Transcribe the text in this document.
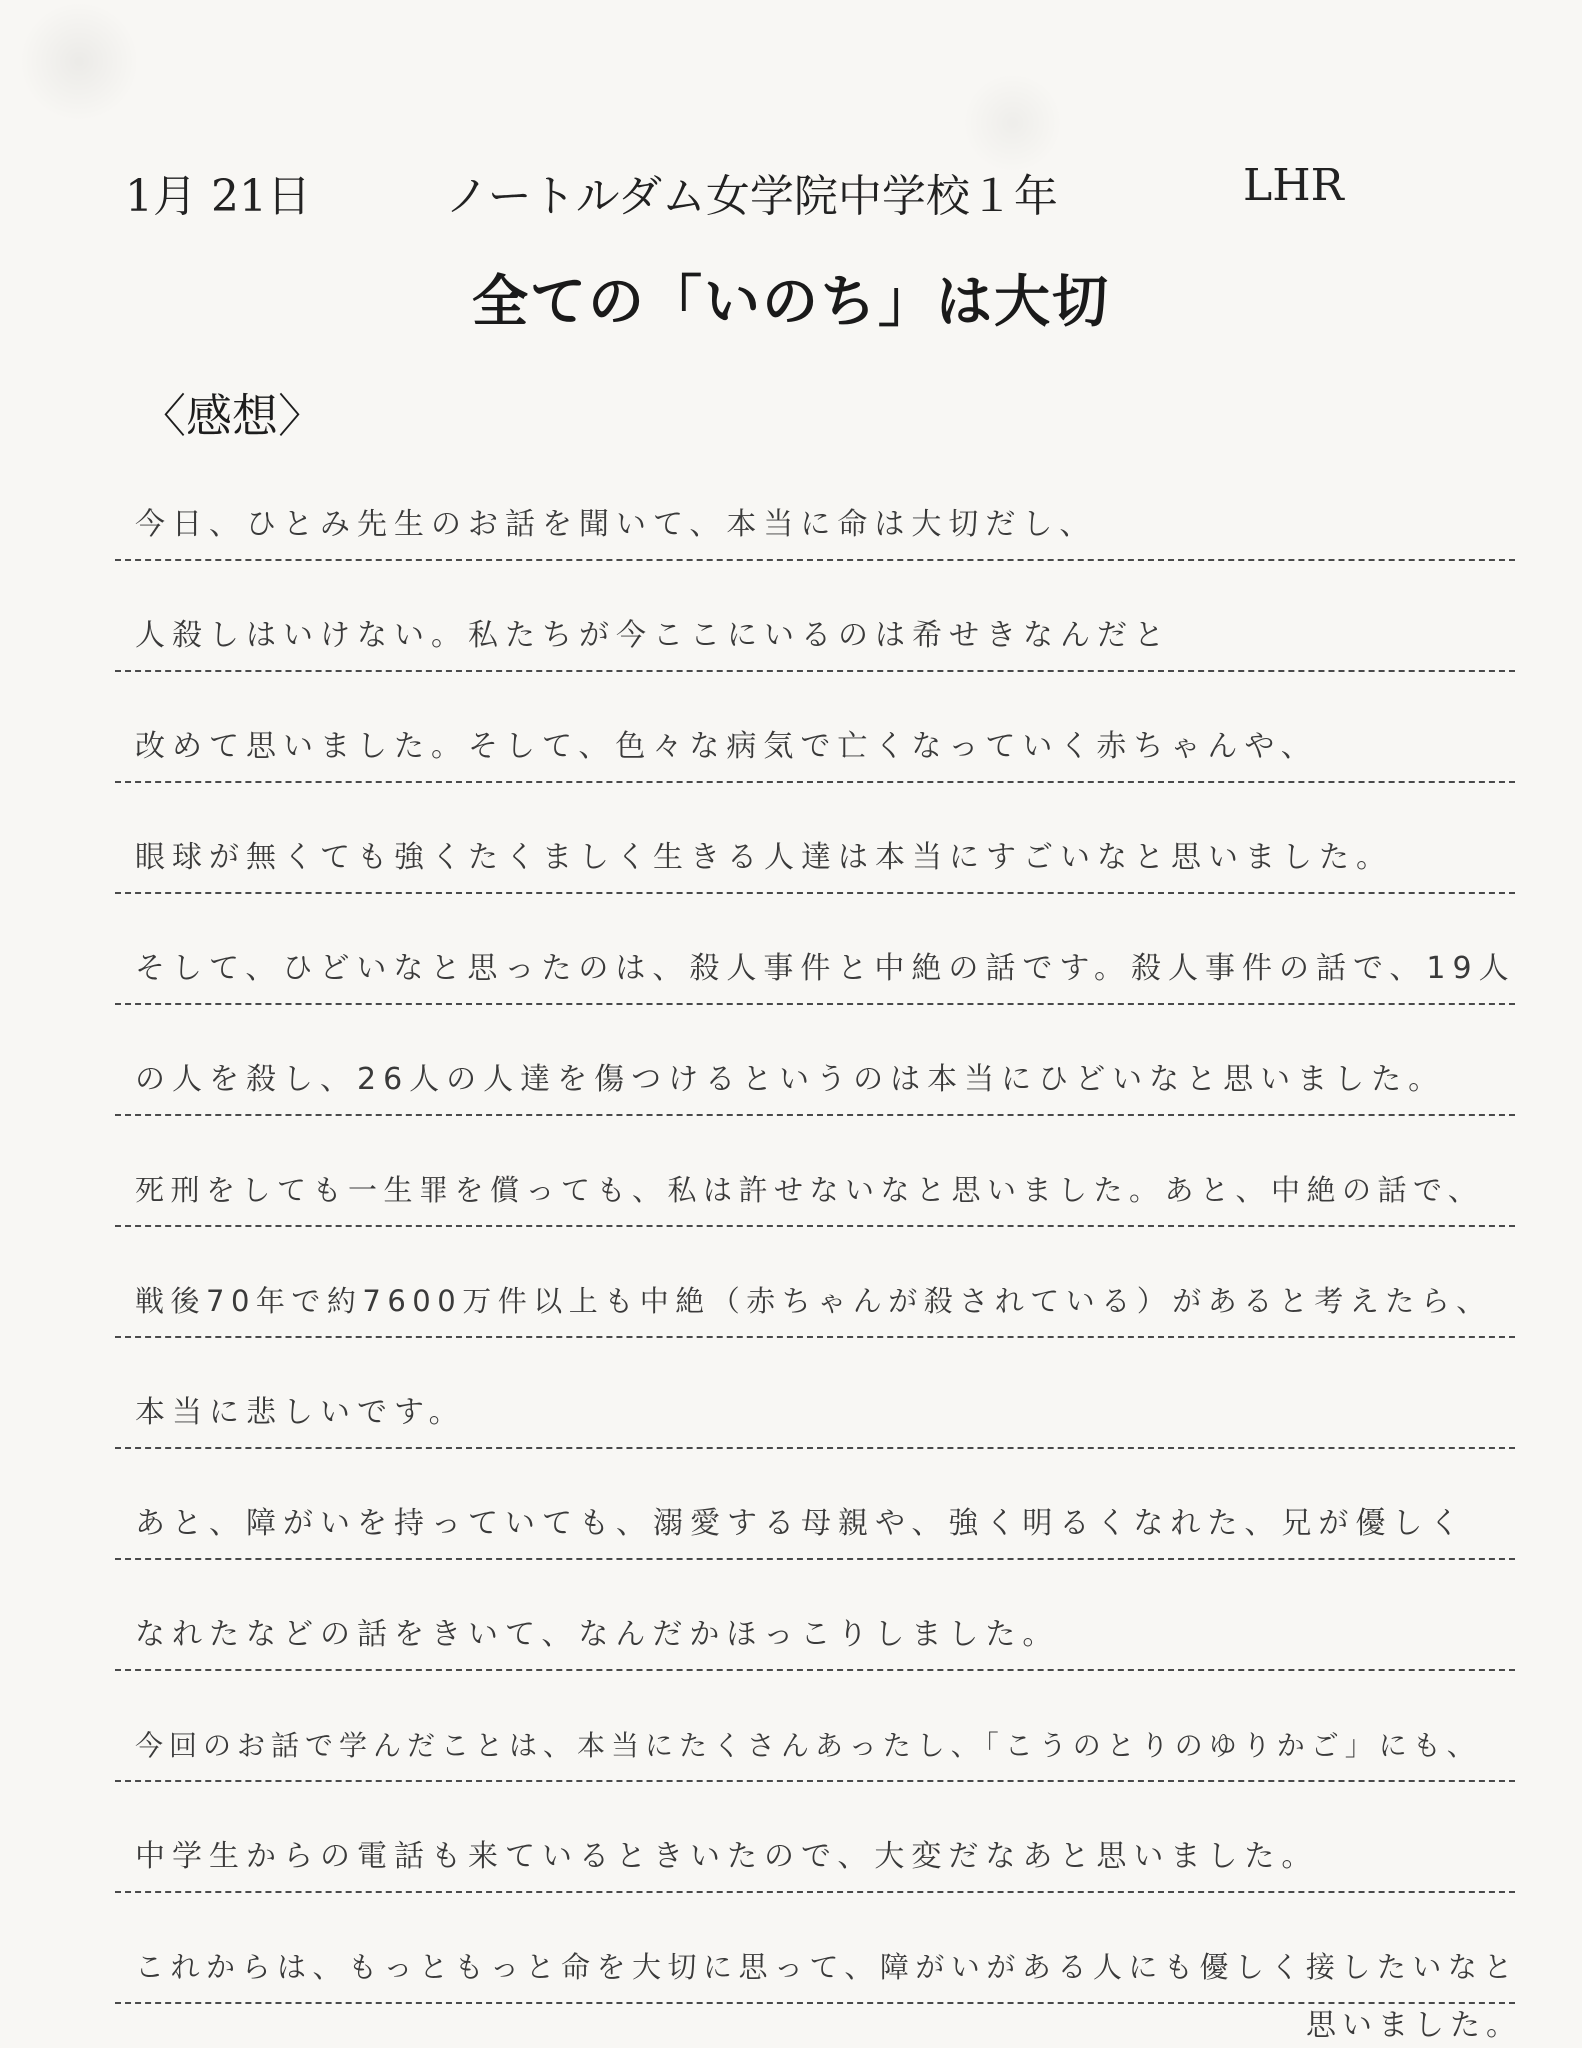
1月 21日	ノートルダム女学院中学校１年	LHR
全ての「いのち」は大切
〈感想〉
今日、ひとみ先生のお話を聞いて、本当に命は大切だし、
人殺しはいけない。私たちが今ここにいるのは希せきなんだと
改めて思いました。そして、色々な病気で亡くなっていく赤ちゃんや、
眼球が無くても強くたくましく生きる人達は本当にすごいなと思いました。
そして、ひどいなと思ったのは、殺人事件と中絶の話です。殺人事件の話で、19人
の人を殺し、26人の人達を傷つけるというのは本当にひどいなと思いました。
死刑をしても一生罪を償っても、私は許せないなと思いました。あと、中絶の話で、
戦後70年で約7600万件以上も中絶（赤ちゃんが殺されている）があると考えたら、
本当に悲しいです。
あと、障がいを持っていても、溺愛する母親や、強く明るくなれた、兄が優しく
なれたなどの話をきいて、なんだかほっこりしました。
今回のお話で学んだことは、本当にたくさんあったし、「こうのとりのゆりかご」にも、
中学生からの電話も来ているときいたので、大変だなあと思いました。
これからは、もっともっと命を大切に思って、障がいがある人にも優しく接したいなと
思いました。
